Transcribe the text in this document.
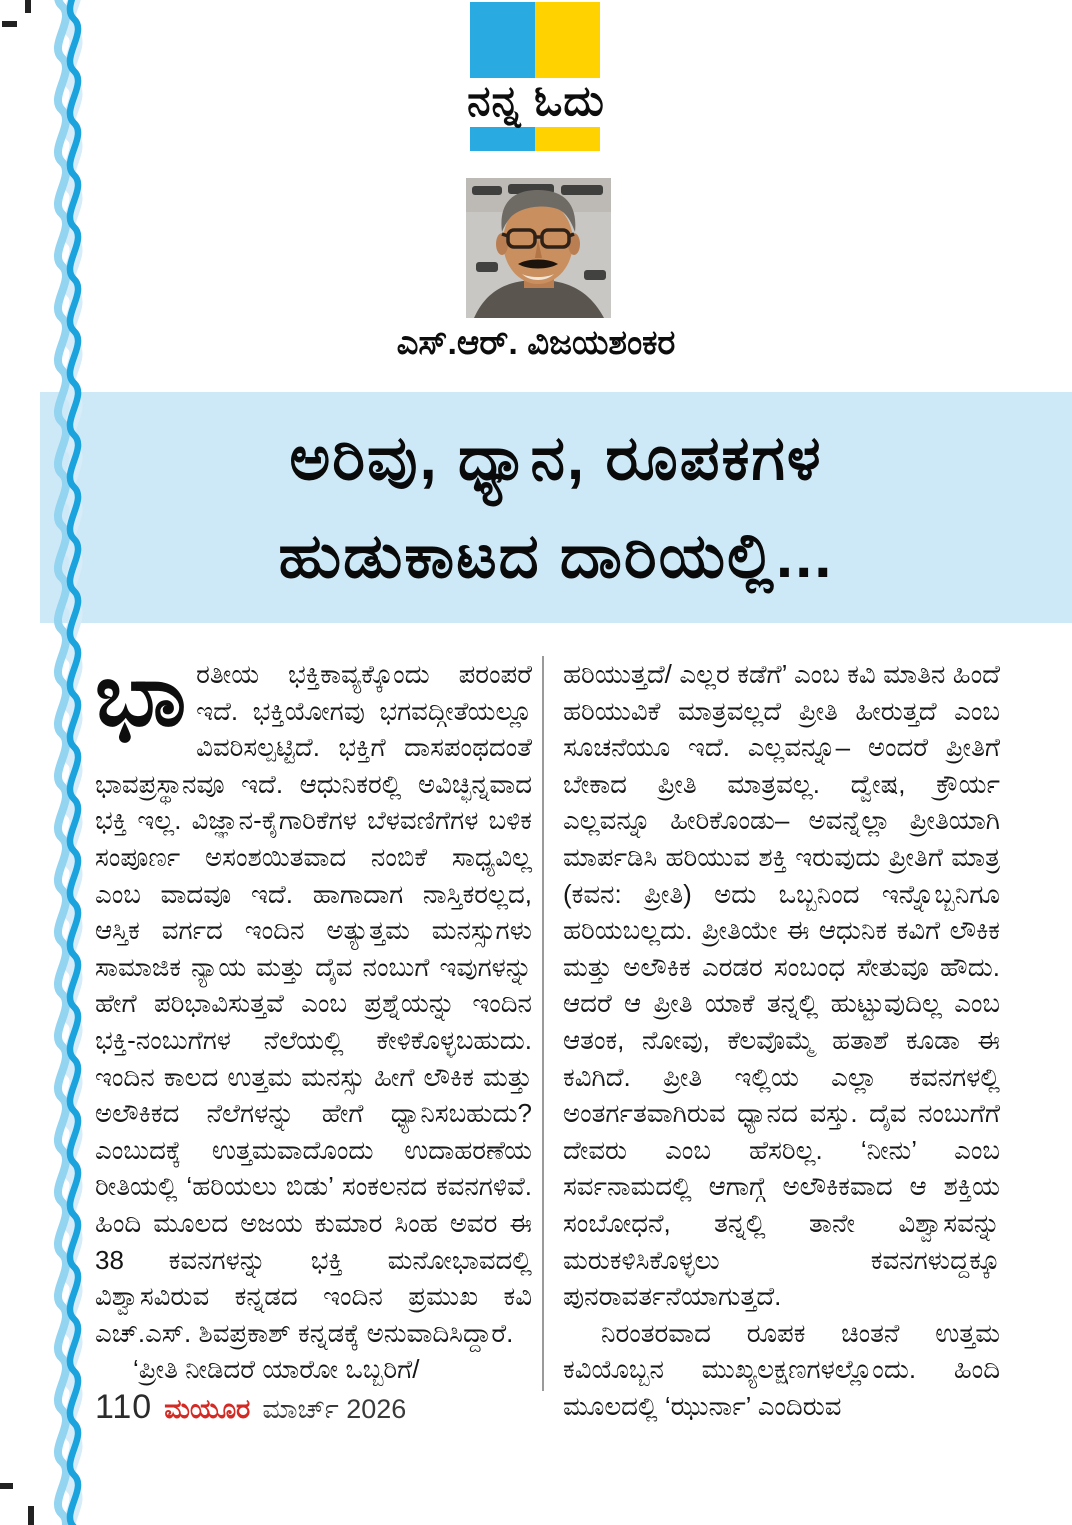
ನನ್ನ ಓದು
ಎಸ್.ಆರ್. ವಿಜಯಶಂಕರ
ಅರಿವು, ಧ್ಯಾನ, ರೂಪಕಗಳ
ಹುಡುಕಾಟದ ದಾರಿಯಲ್ಲಿ...

ಭಾರತೀಯ ಭಕ್ತಿಕಾವ್ಯಕ್ಕೊಂದು ಪರಂಪರೆ ಇದೆ. ಭಕ್ತಿಯೋಗವು ಭಗವದ್ಗೀತೆಯಲ್ಲೂ ವಿವರಿಸಲ್ಪಟ್ಟಿದೆ. ಭಕ್ತಿಗೆ ದಾಸಪಂಥದಂತೆ ಭಾವಪ್ರಸ್ಥಾನವೂ ಇದೆ. ಆಧುನಿಕರಲ್ಲಿ ಅವಿಚ್ಛಿನ್ನವಾದ ಭಕ್ತಿ ಇಲ್ಲ. ವಿಜ್ಞಾನ-ಕೈಗಾರಿಕೆಗಳ ಬೆಳವಣಿಗೆಗಳ ಬಳಿಕ ಸಂಪೂರ್ಣ ಅಸಂಶಯಿತವಾದ ನಂಬಿಕೆ ಸಾಧ್ಯವಿಲ್ಲ ಎಂಬ ವಾದವೂ ಇದೆ. ಹಾಗಾದಾಗ ನಾಸ್ತಿಕರಲ್ಲದ, ಆಸ್ತಿಕ ವರ್ಗದ ಇಂದಿನ ಅತ್ಯುತ್ತಮ ಮನಸ್ಸುಗಳು ಸಾಮಾಜಿಕ ನ್ಯಾಯ ಮತ್ತು ದೈವ ನಂಬುಗೆ ಇವುಗಳನ್ನು ಹೇಗೆ ಪರಿಭಾವಿಸುತ್ತವೆ ಎಂಬ ಪ್ರಶ್ನೆಯನ್ನು ಇಂದಿನ ಭಕ್ತಿ-ನಂಬುಗೆಗಳ ನೆಲೆಯಲ್ಲಿ ಕೇಳಿಕೊಳ್ಳಬಹುದು. ಇಂದಿನ ಕಾಲದ ಉತ್ತಮ ಮನಸ್ಸು ಹೀಗೆ ಲೌಕಿಕ ಮತ್ತು ಅಲೌಕಿಕದ ನೆಲೆಗಳನ್ನು ಹೇಗೆ ಧ್ಯಾನಿಸಬಹುದು? ಎಂಬುದಕ್ಕೆ ಉತ್ತಮವಾದೊಂದು ಉದಾಹರಣೆಯ ರೀತಿಯಲ್ಲಿ ‘ಹರಿಯಲು ಬಿಡು’ ಸಂಕಲನದ ಕವನಗಳಿವೆ. ಹಿಂದಿ ಮೂಲದ ಅಜಯ ಕುಮಾರ ಸಿಂಹ ಅವರ ಈ 38 ಕವನಗಳನ್ನು ಭಕ್ತಿ ಮನೋಭಾವದಲ್ಲಿ ವಿಶ್ವಾಸವಿರುವ ಕನ್ನಡದ ಇಂದಿನ ಪ್ರಮುಖ ಕವಿ ಎಚ್.ಎಸ್. ಶಿವಪ್ರಕಾಶ್ ಕನ್ನಡಕ್ಕೆ ಅನುವಾದಿಸಿದ್ದಾರೆ.

‘ಪ್ರೀತಿ ನೀಡಿದರೆ ಯಾರೋ ಒಬ್ಬರಿಗೆ/

ಹರಿಯುತ್ತದೆ/ ಎಲ್ಲರ ಕಡೆಗೆ’ ಎಂಬ ಕವಿ ಮಾತಿನ ಹಿಂದೆ ಹರಿಯುವಿಕೆ ಮಾತ್ರವಲ್ಲದೆ ಪ್ರೀತಿ ಹೀರುತ್ತದೆ ಎಂಬ ಸೂಚನೆಯೂ ಇದೆ. ಎಲ್ಲವನ್ನೂ– ಅಂದರೆ ಪ್ರೀತಿಗೆ ಬೇಕಾದ ಪ್ರೀತಿ ಮಾತ್ರವಲ್ಲ. ದ್ವೇಷ, ಕ್ರೌರ್ಯ ಎಲ್ಲವನ್ನೂ ಹೀರಿಕೊಂಡು– ಅವನ್ನೆಲ್ಲಾ ಪ್ರೀತಿಯಾಗಿ ಮಾರ್ಪಡಿಸಿ ಹರಿಯುವ ಶಕ್ತಿ ಇರುವುದು ಪ್ರೀತಿಗೆ ಮಾತ್ರ (ಕವನ: ಪ್ರೀತಿ) ಅದು ಒಬ್ಬನಿಂದ ಇನ್ನೊಬ್ಬನಿಗೂ ಹರಿಯಬಲ್ಲದು. ಪ್ರೀತಿಯೇ ಈ ಆಧುನಿಕ ಕವಿಗೆ ಲೌಕಿಕ ಮತ್ತು ಅಲೌಕಿಕ ಎರಡರ ಸಂಬಂಧ ಸೇತುವೂ ಹೌದು. ಆದರೆ ಆ ಪ್ರೀತಿ ಯಾಕೆ ತನ್ನಲ್ಲಿ ಹುಟ್ಟುವುದಿಲ್ಲ ಎಂಬ ಆತಂಕ, ನೋವು, ಕೆಲವೊಮ್ಮೆ ಹತಾಶೆ ಕೂಡಾ ಈ ಕವಿಗಿದೆ. ಪ್ರೀತಿ ಇಲ್ಲಿಯ ಎಲ್ಲಾ ಕವನಗಳಲ್ಲಿ ಅಂತರ್ಗತವಾಗಿರುವ ಧ್ಯಾನದ ವಸ್ತು. ದೈವ ನಂಬುಗೆಗೆ ದೇವರು ಎಂಬ ಹೆಸರಿಲ್ಲ. ‘ನೀನು’ ಎಂಬ ಸರ್ವನಾಮದಲ್ಲಿ ಆಗಾಗ್ಗೆ ಅಲೌಕಿಕವಾದ ಆ ಶಕ್ತಿಯ ಸಂಬೋಧನೆ, ತನ್ನಲ್ಲಿ ತಾನೇ ವಿಶ್ವಾಸವನ್ನು ಮರುಕಳಿಸಿಕೊಳ್ಳಲು ಕವನಗಳುದ್ದಕ್ಕೂ ಪುನರಾವರ್ತನೆಯಾಗುತ್ತದೆ.

ನಿರಂತರವಾದ ರೂಪಕ ಚಿಂತನೆ ಉತ್ತಮ ಕವಿಯೊಬ್ಬನ ಮುಖ್ಯಲಕ್ಷಣಗಳಲ್ಲೊಂದು. ಹಿಂದಿ ಮೂಲದಲ್ಲಿ ‘ಝುರ್ನಾ’ ಎಂದಿರುವ

110 ಮಯೂರ ಮಾರ್ಚ್ 2026
